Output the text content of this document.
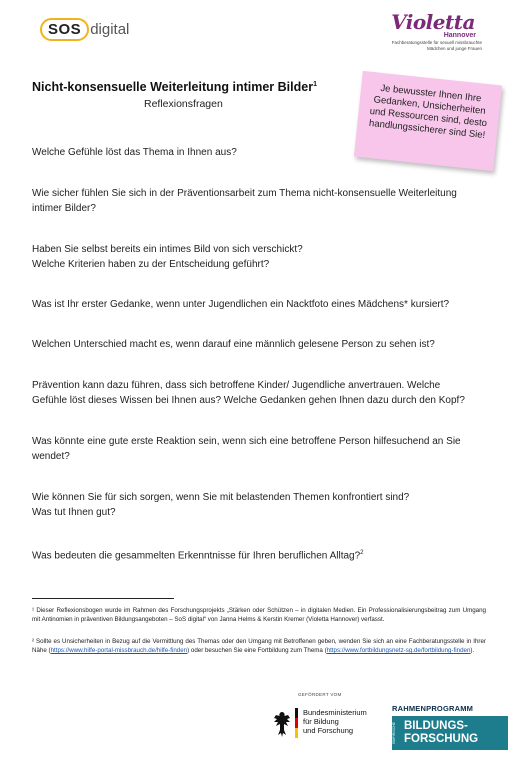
SOS digital	Violetta
Hannover
Fachberatungsstelle für sexuell missbrauchte
Mädchen und junge Frauen
Nicht-konsensuelle Weiterleitung intimer Bilder$^1$
Reflexionsfragen	Je bewusster Ihnen Ihre Gedanken, Unsicherheiten und Ressourcen sind, desto handlungssicherer sind Sie!
Welche Gefühle löst das Thema in Ihnen aus?
Wie sicher fühlen Sie sich in der Präventionsarbeit zum Thema nicht-konsensuelle Weiterleitung
intimer Bilder?
Haben Sie selbst bereits ein intimes Bild von sich verschickt?
Welche Kriterien haben zu der Entscheidung geführt?
Was ist Ihr erster Gedanke, wenn unter Jugendlichen ein Nacktfoto eines Mädchens* kursiert?
Welchen Unterschied macht es, wenn darauf eine männlich gelesene Person zu sehen ist?
Prävention kann dazu führen, dass sich betroffene Kinder/ Jugendliche anvertrauen. Welche
Gefühle löst dieses Wissen bei Ihnen aus? Welche Gedanken gehen Ihnen dazu durch den Kopf?
Was könnte eine gute erste Reaktion sein, wenn sich eine betroffene Person hilfesuchend an Sie
wendet?
Wie können Sie für sich sorgen, wenn Sie mit belastenden Themen konfrontiert sind?
Was tut Ihnen gut?
Was bedeuten die gesammelten Erkenntnisse für Ihren beruflichen Alltag?$^2$
¹ Dieser Reflexionsbogen wurde im Rahmen des Forschungsprojekts „Stärken oder Schützen – in digitalen Medien. Ein Professionalisierungsbeitrag zum Umgang mit Antinomien in präventiven Bildungsangeboten – SoS digital“ von Janna Helms & Kerstin Kremer (Violetta Hannover) verfasst.
² Sollte es Unsicherheiten in Bezug auf die Vermittlung des Themas oder den Umgang mit Betroffenen geben, wenden Sie sich an eine Fachberatungsstelle in Ihrer Nähe (https://www.hilfe-portal-missbrauch.de/hilfe-finden) oder besuchen Sie eine Fortbildung zum Thema (https://www.fortbildungsnetz-sg.de/fortbildung-finden).
GEFÖRDERT VOM
Bundesministerium
für Bildung
und Forschung
RAHMENPROGRAMM
EMPIRISCHE BILDUNGS-
FORSCHUNG
